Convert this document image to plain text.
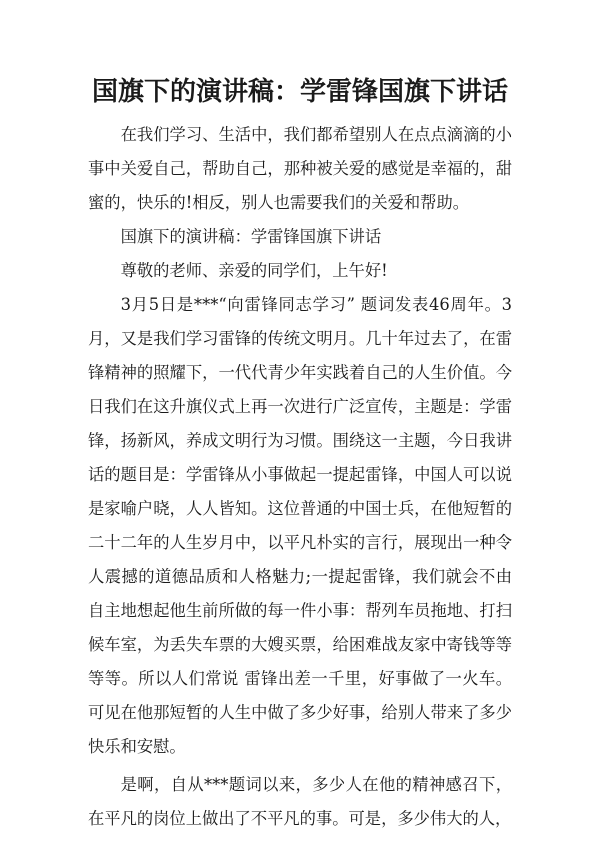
国旗下的演讲稿：学雷锋国旗下讲话

在我们学习、生活中，我们都希望别人在点点滴滴的小事中关爱自己，帮助自己，那种被关爱的感觉是幸福的，甜蜜的，快乐的!相反，别人也需要我们的关爱和帮助。

国旗下的演讲稿：学雷锋国旗下讲话

尊敬的老师、亲爱的同学们，上午好!

3月5日是***“向雷锋同志学习” 题词发表46周年。3月，又是我们学习雷锋的传统文明月。几十年过去了，在雷锋精神的照耀下，一代代青少年实践着自己的人生价值。今日我们在这升旗仪式上再一次进行广泛宣传，主题是：学雷锋，扬新风，养成文明行为习惯。围绕这一主题，今日我讲话的题目是：学雷锋从小事做起一提起雷锋，中国人可以说是家喻户晓，人人皆知。这位普通的中国士兵，在他短暂的二十二年的人生岁月中，以平凡朴实的言行，展现出一种令人震撼的道德品质和人格魅力;一提起雷锋，我们就会不由自主地想起他生前所做的每一件小事：帮列车员拖地、打扫候车室，为丢失车票的大嫂买票，给困难战友家中寄钱等等等等。所以人们常说 雷锋出差一千里，好事做了一火车。可见在他那短暂的人生中做了多少好事，给别人带来了多少快乐和安慰。

是啊，自从***题词以来，多少人在他的精神感召下，在平凡的岗位上做出了不平凡的事。可是，多少伟大的人，
